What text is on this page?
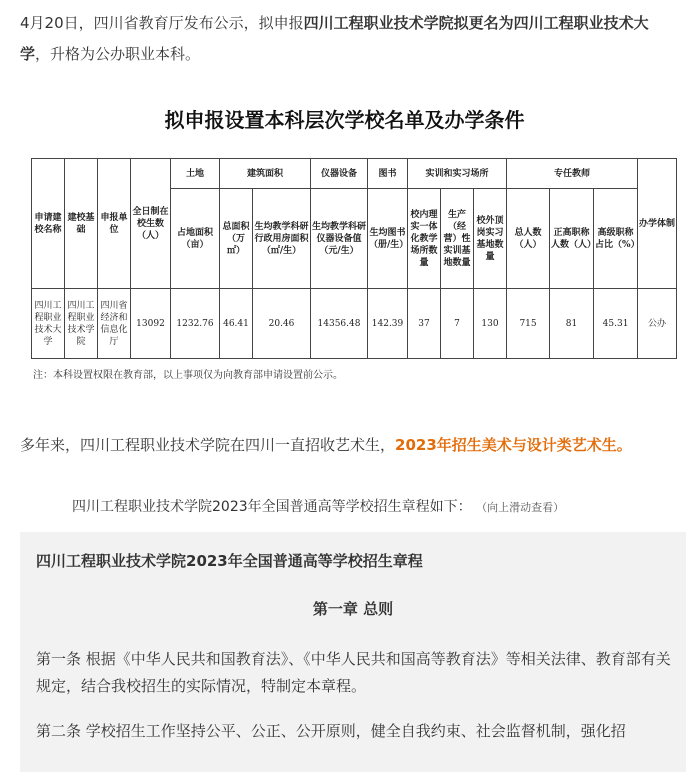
4月20日，四川省教育厅发布公示，拟申报四川工程职业技术学院拟更名为四川工程职业技术大学，升格为公办职业本科。
拟申报设置本科层次学校名单及办学条件
申请建校名称	建校基础	申报单位	全日制在校生数（人）	土地	建筑面积		仪器设备	图书	实训和实习场所			专任教师			办学体制
				占地面积（亩）	总面积（万㎡）	生均教学科研行政用房面积（㎡/生）	生均教学科研仪器设备值（元/生）	生均图书（册/生）	校内理实一体化教学场所数量	生产（经营）性实训基地数量	校外顶岗实习基地数量	总人数（人）	正高职称人数（人）	高级职称占比（%）	
四川工程职业技术大学	四川工程职业技术学院	四川省经济和信息化厅	13092	1232.76	46.41	20.46	14356.48	142.39	37	7	130	715	81	45.31	公办
注：本科设置权限在教育部，以上事项仅为向教育部申请设置前公示。
多年来，四川工程职业技术学院在四川一直招收艺术生，2023年招生美术与设计类艺术生。
四川工程职业技术学院2023年全国普通高等学校招生章程如下： （向上滑动查看）
四川工程职业技术学院2023年全国普通高等学校招生章程
第一章 总则
第一条 根据《中华人民共和国教育法》、《中华人民共和国高等教育法》等相关法律、教育部有关规定，结合我校招生的实际情况，特制定本章程。
第二条 学校招生工作坚持公平、公正、公开原则，健全自我约束、社会监督机制，强化招
